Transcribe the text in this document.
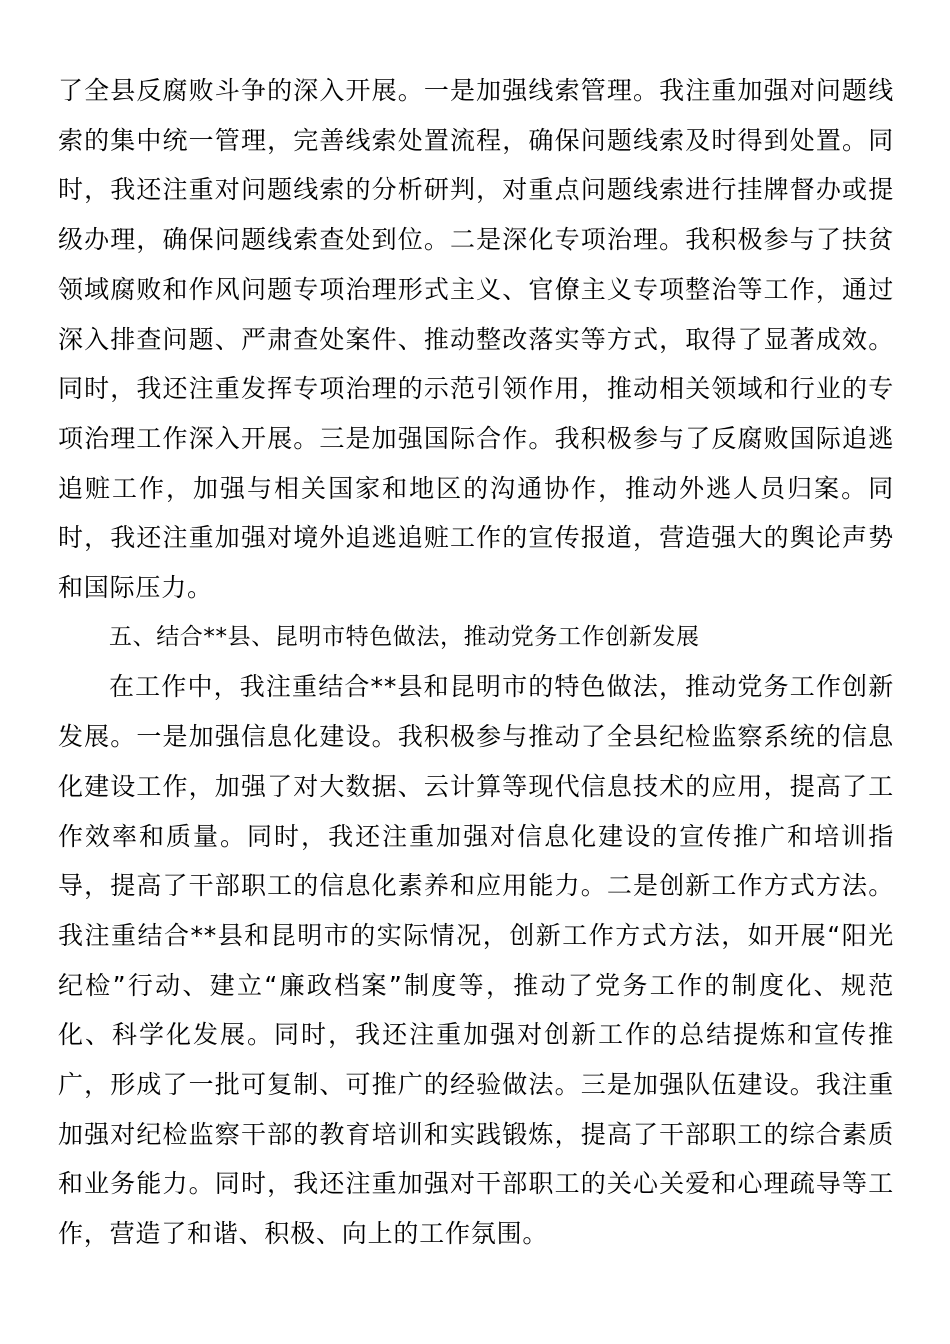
了全县反腐败斗争的深入开展。一是加强线索管理。我注重加强对问题线索的集中统一管理，完善线索处置流程，确保问题线索及时得到处置。同时，我还注重对问题线索的分析研判，对重点问题线索进行挂牌督办或提级办理，确保问题线索查处到位。二是深化专项治理。我积极参与了扶贫领域腐败和作风问题专项治理形式主义、官僚主义专项整治等工作，通过深入排查问题、严肃查处案件、推动整改落实等方式，取得了显著成效。同时，我还注重发挥专项治理的示范引领作用，推动相关领域和行业的专项治理工作深入开展。三是加强国际合作。我积极参与了反腐败国际追逃追赃工作，加强与相关国家和地区的沟通协作，推动外逃人员归案。同时，我还注重加强对境外追逃追赃工作的宣传报道，营造强大的舆论声势和国际压力。

五、结合**县、昆明市特色做法，推动党务工作创新发展

在工作中，我注重结合**县和昆明市的特色做法，推动党务工作创新发展。一是加强信息化建设。我积极参与推动了全县纪检监察系统的信息化建设工作，加强了对大数据、云计算等现代信息技术的应用，提高了工作效率和质量。同时，我还注重加强对信息化建设的宣传推广和培训指导，提高了干部职工的信息化素养和应用能力。二是创新工作方式方法。我注重结合**县和昆明市的实际情况，创新工作方式方法，如开展“阳光纪检”行动、建立“廉政档案”制度等，推动了党务工作的制度化、规范化、科学化发展。同时，我还注重加强对创新工作的总结提炼和宣传推广，形成了一批可复制、可推广的经验做法。三是加强队伍建设。我注重加强对纪检监察干部的教育培训和实践锻炼，提高了干部职工的综合素质和业务能力。同时，我还注重加强对干部职工的关心关爱和心理疏导等工作，营造了和谐、积极、向上的工作氛围。
